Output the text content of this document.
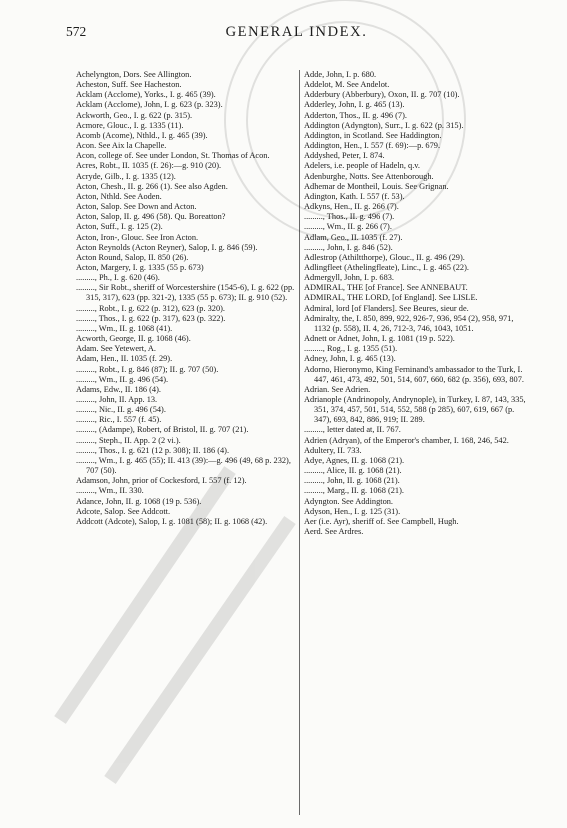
572	GENERAL INDEX.

Achelyngton, Dors. See Allington.

Acheston, Suff. See Hacheston.

Acklam (Acclome), Yorks., I. g. 465 (39).

Acklam (Acclome), John, I. g. 623 (p. 323).

Ackworth, Geo., I. g. 622 (p. 315).

Acmore, Glouc., I. g. 1335 (11).

Acomb (Acome), Nthld., I. g. 465 (39).

Acon. See Aix la Chapelle.

Acon, college of. See under London, St. Thomas of Acon.

Acres, Robt., II. 1035 (f. 26):—g. 910 (20).

Acryde, Gilb., I. g. 1335 (12).

Acton, Chesh., II. g. 266 (1). See also Agden.

Acton, Nthld. See Aoden.

Acton, Salop. See Down and Acton.

Acton, Salop, II. g. 496 (58). Qu. Boreatton?

Acton, Suff., I. g. 125 (2).

Acton, Iron-, Glouc. See Iron Acton.

Acton Reynolds (Acton Reyner), Salop, I. g. 846 (59).

Acton Round, Salop, II. 850 (26).

Acton, Margery, I. g. 1335 (55 p. 673)

........., Ph., I. g. 620 (46).

........., Sir Robt., sheriff of Worcestershire (1545-6), I. g. 622 (pp. 315, 317), 623 (pp. 321-2), 1335 (55 p. 673); II. g. 910 (52).

........., Robt., I. g. 622 (p. 312), 623 (p. 320).

........., Thos., I. g. 622 (p. 317), 623 (p. 322).

........., Wm., II. g. 1068 (41).

Acworth, George, II. g. 1068 (46).

Adam. See Yetewert, A.

Adam, Hen., II. 1035 (f. 29).

........., Robt., I. g. 846 (87); II. g. 707 (50).

........., Wm., II. g. 496 (54).

Adams, Edw., II. 186 (4).

........., John, II. App. 13.

........., Nic., II. g. 496 (54).

........., Ric., I. 557 (f. 45).

........., (Adampe), Robert, of Bristol, II. g. 707 (21).

........., Steph., II. App. 2 (2 vi.).

........., Thos., I. g. 621 (12 p. 308); II. 186 (4).

........., Wm., I. g. 465 (55); II. 413 (39):—g. 496 (49, 68 p. 232), 707 (50).

Adamson, John, prior of Cockesford, I. 557 (f. 12).

........., Wm., II. 330.

Adance, John, II. g. 1068 (19 p. 536).

Adcote, Salop. See Addcott.

Addcott (Adcote), Salop, I. g. 1081 (58); II. g. 1068 (42).

Adde, John, I. p. 680.

Addelot, M. See Andelot.

Adderbury (Abberbury), Oxon, II. g. 707 (10).

Adderley, John, I. g. 465 (13).

Adderton, Thos., II. g. 496 (7).

Addington (Adyngton), Surr., I. g. 622 (p. 315).

Addington, in Scotland. See Haddington.

Addington, Hen., I. 557 (f. 69):—p. 679.

Addyshed, Peter, I. 874.

Adelers, i.e. people of Hadeln, q.v.

Adenburghe, Notts. See Attenborough.

Adhemar de Montheil, Louis. See Grignan.

Adington, Kath. I. 557 (f. 53).

Adkyns, Hen., II. g. 266 (7).

........., Thos., II. g. 496 (7).

........., Wm., II. g. 266 (7).

Adlam, Geo., II. 1035 (f. 27).

........., John, I. g. 846 (52).

Adlestrop (Athiltthorpe), Glouc., II. g. 496 (29).

Adlingfleet (Athelingfleate), Linc., I. g. 465 (22).

Admergyll, John, I. p. 683.

ADMIRAL, THE [of France]. See ANNEBAUT.

ADMIRAL, THE LORD, [of England]. See LISLE.

Admiral, lord [of Flanders]. See Beures, sieur de.

Admiralty, the, I. 850, 899, 922, 926-7, 936, 954 (2), 958, 971, 1132 (p. 558), II. 4, 26, 712-3, 746, 1043, 1051.

Adnett or Adnet, John, I. g. 1081 (19 p. 522).

........., Rog., I. g. 1355 (51).

Adney, John, I. g. 465 (13).

Adorno, Hieronymo, King Ferninand's ambassador to the Turk, I. 447, 461, 473, 492, 501, 514, 607, 660, 682 (p. 356), 693, 807.

Adrian. See Adrien.

Adrianople (Andrinopoly, Andrynople), in Turkey, I. 87, 143, 335, 351, 374, 457, 501, 514, 552, 588 (p 285), 607, 619, 667 (p. 347), 693, 842, 886, 919; II. 289.

........., letter dated at, II. 767.

Adrien (Adryan), of the Emperor's chamber, I. 168, 246, 542.

Adultery, II. 733.

Adye, Agnes, II. g. 1068 (21).

........., Alice, II. g. 1068 (21).

........., John, II. g. 1068 (21).

........., Marg., II. g. 1068 (21).

Adyngton. See Addington.

Adyson, Hen., I. g. 125 (31).

Aer (i.e. Ayr), sheriff of. See Campbell, Hugh.

Aerd. See Ardres.
